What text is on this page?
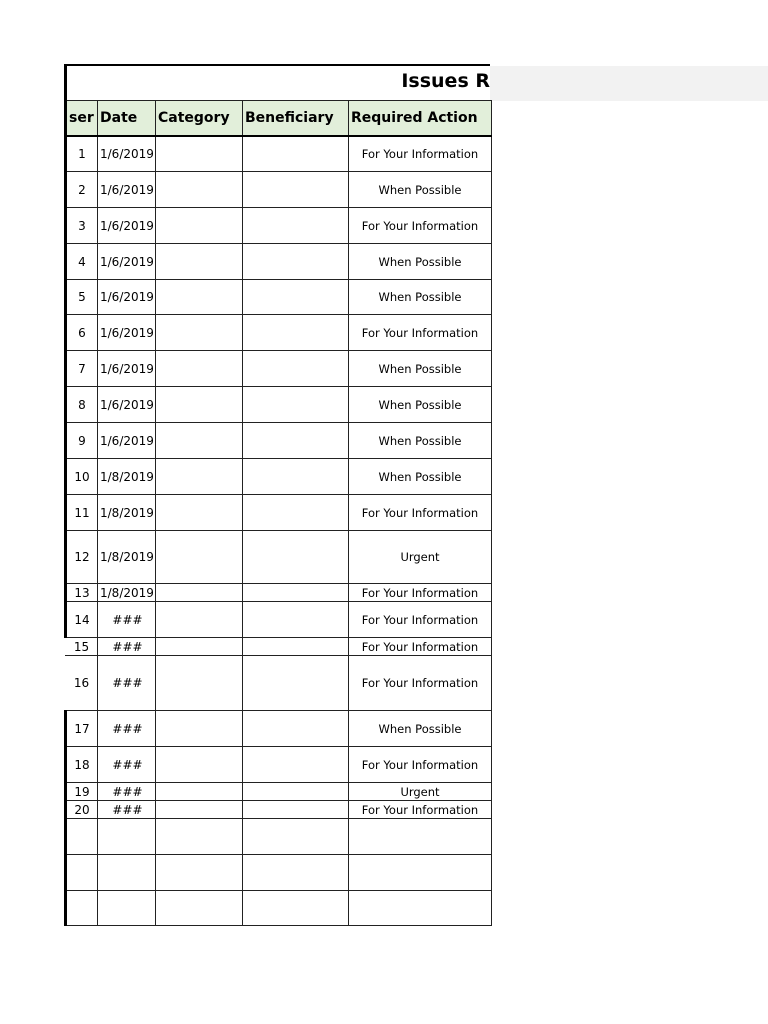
Issues R
ser	Date	Category	Beneficiary	Required Action
1	1/6/2019			For Your Information
2	1/6/2019			When Possible
3	1/6/2019			For Your Information
4	1/6/2019			When Possible
5	1/6/2019			When Possible
6	1/6/2019			For Your Information
7	1/6/2019			When Possible
8	1/6/2019			When Possible
9	1/6/2019			When Possible
10	1/8/2019			When Possible
11	1/8/2019			For Your Information
12	1/8/2019			Urgent
13	1/8/2019			For Your Information
14	###			For Your Information
15	###			For Your Information
16	###			For Your Information
17	###			When Possible
18	###			For Your Information
19	###			Urgent
20	###			For Your Information
